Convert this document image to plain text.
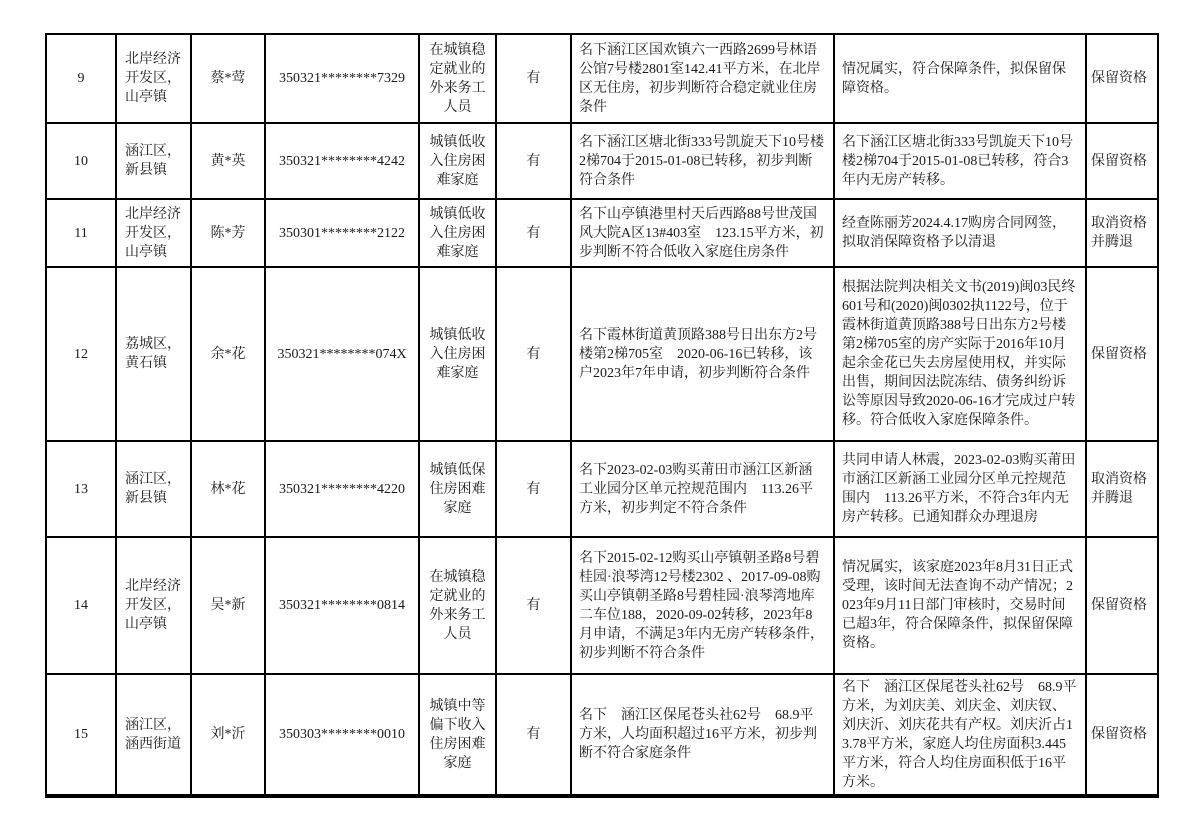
9	北岸经济开发区，山亭镇	蔡*莺	350321********7329	在城镇稳定就业的外来务工人员	有	名下涵江区国欢镇六一西路2699号林语公馆7号楼2801室142.41平方米，在北岸区无住房，初步判断符合稳定就业住房条件	情况属实，符合保障条件，拟保留保障资格。	保留资格
10	涵江区，新县镇	黄*英	350321********4242	城镇低收入住房困难家庭	有	名下涵江区塘北街333号凯旋天下10号楼2梯704于2015-01-08已转移，初步判断符合条件	名下涵江区塘北街333号凯旋天下10号楼2梯704于2015-01-08已转移，符合3年内无房产转移。	保留资格
11	北岸经济开发区，山亭镇	陈*芳	350301********2122	城镇低收入住房困难家庭	有	名下山亭镇港里村天后西路88号世茂国风大院A区13#403室　123.15平方米，初步判断不符合低收入家庭住房条件	经查陈丽芳2024.4.17购房合同网签，拟取消保障资格予以清退	取消资格并腾退
12	荔城区，黄石镇	余*花	350321********074X	城镇低收入住房困难家庭	有	名下霞林街道黄顶路388号日出东方2号楼第2梯705室　2020-06-16已转移，该户2023年7年申请，初步判断符合条件	根据法院判决相关文书(2019)闽03民终601号和(2020)闽0302执1122号，位于霞林街道黄顶路388号日出东方2号楼第2梯705室的房产实际于2016年10月起余金花已失去房屋使用权，并实际出售，期间因法院冻结、债务纠纷诉讼等原因导致2020-06-16才完成过户转移。符合低收入家庭保障条件。	保留资格
13	涵江区，新县镇	林*花	350321********4220	城镇低保住房困难家庭	有	名下2023-02-03购买莆田市涵江区新涵工业园分区单元控规范围内　113.26平方米，初步判定不符合条件	共同申请人林震，2023-02-03购买莆田市涵江区新涵工业园分区单元控规范围内　113.26平方米，不符合3年内无房产转移。已通知群众办理退房	取消资格并腾退
14	北岸经济开发区，山亭镇	吴*新	350321********0814	在城镇稳定就业的外来务工人员	有	名下2015-02-12购买山亭镇朝圣路8号碧桂园·浪琴湾12号楼2302 、2017-09-08购买山亭镇朝圣路8号碧桂园·浪琴湾地库二车位188，2020-09-02转移，2023年8月申请，不满足3年内无房产转移条件，初步判断不符合条件	情况属实，该家庭2023年8月31日正式受理，该时间无法查询不动产情况；2023年9月11日部门审核时，交易时间已超3年，符合保障条件，拟保留保障资格。	保留资格
15	涵江区，涵西街道	刘*沂	350303********0010	城镇中等偏下收入住房困难家庭	有	名下　涵江区保尾苍头社62号　68.9平方米，人均面积超过16平方米，初步判断不符合家庭条件	名下　涵江区保尾苍头社62号　68.9平方米，为刘庆美、刘庆金、刘庆钗、刘庆沂、刘庆花共有产权。刘庆沂占13.78平方米，家庭人均住房面积3.445平方米，符合人均住房面积低于16平方米。	保留资格
